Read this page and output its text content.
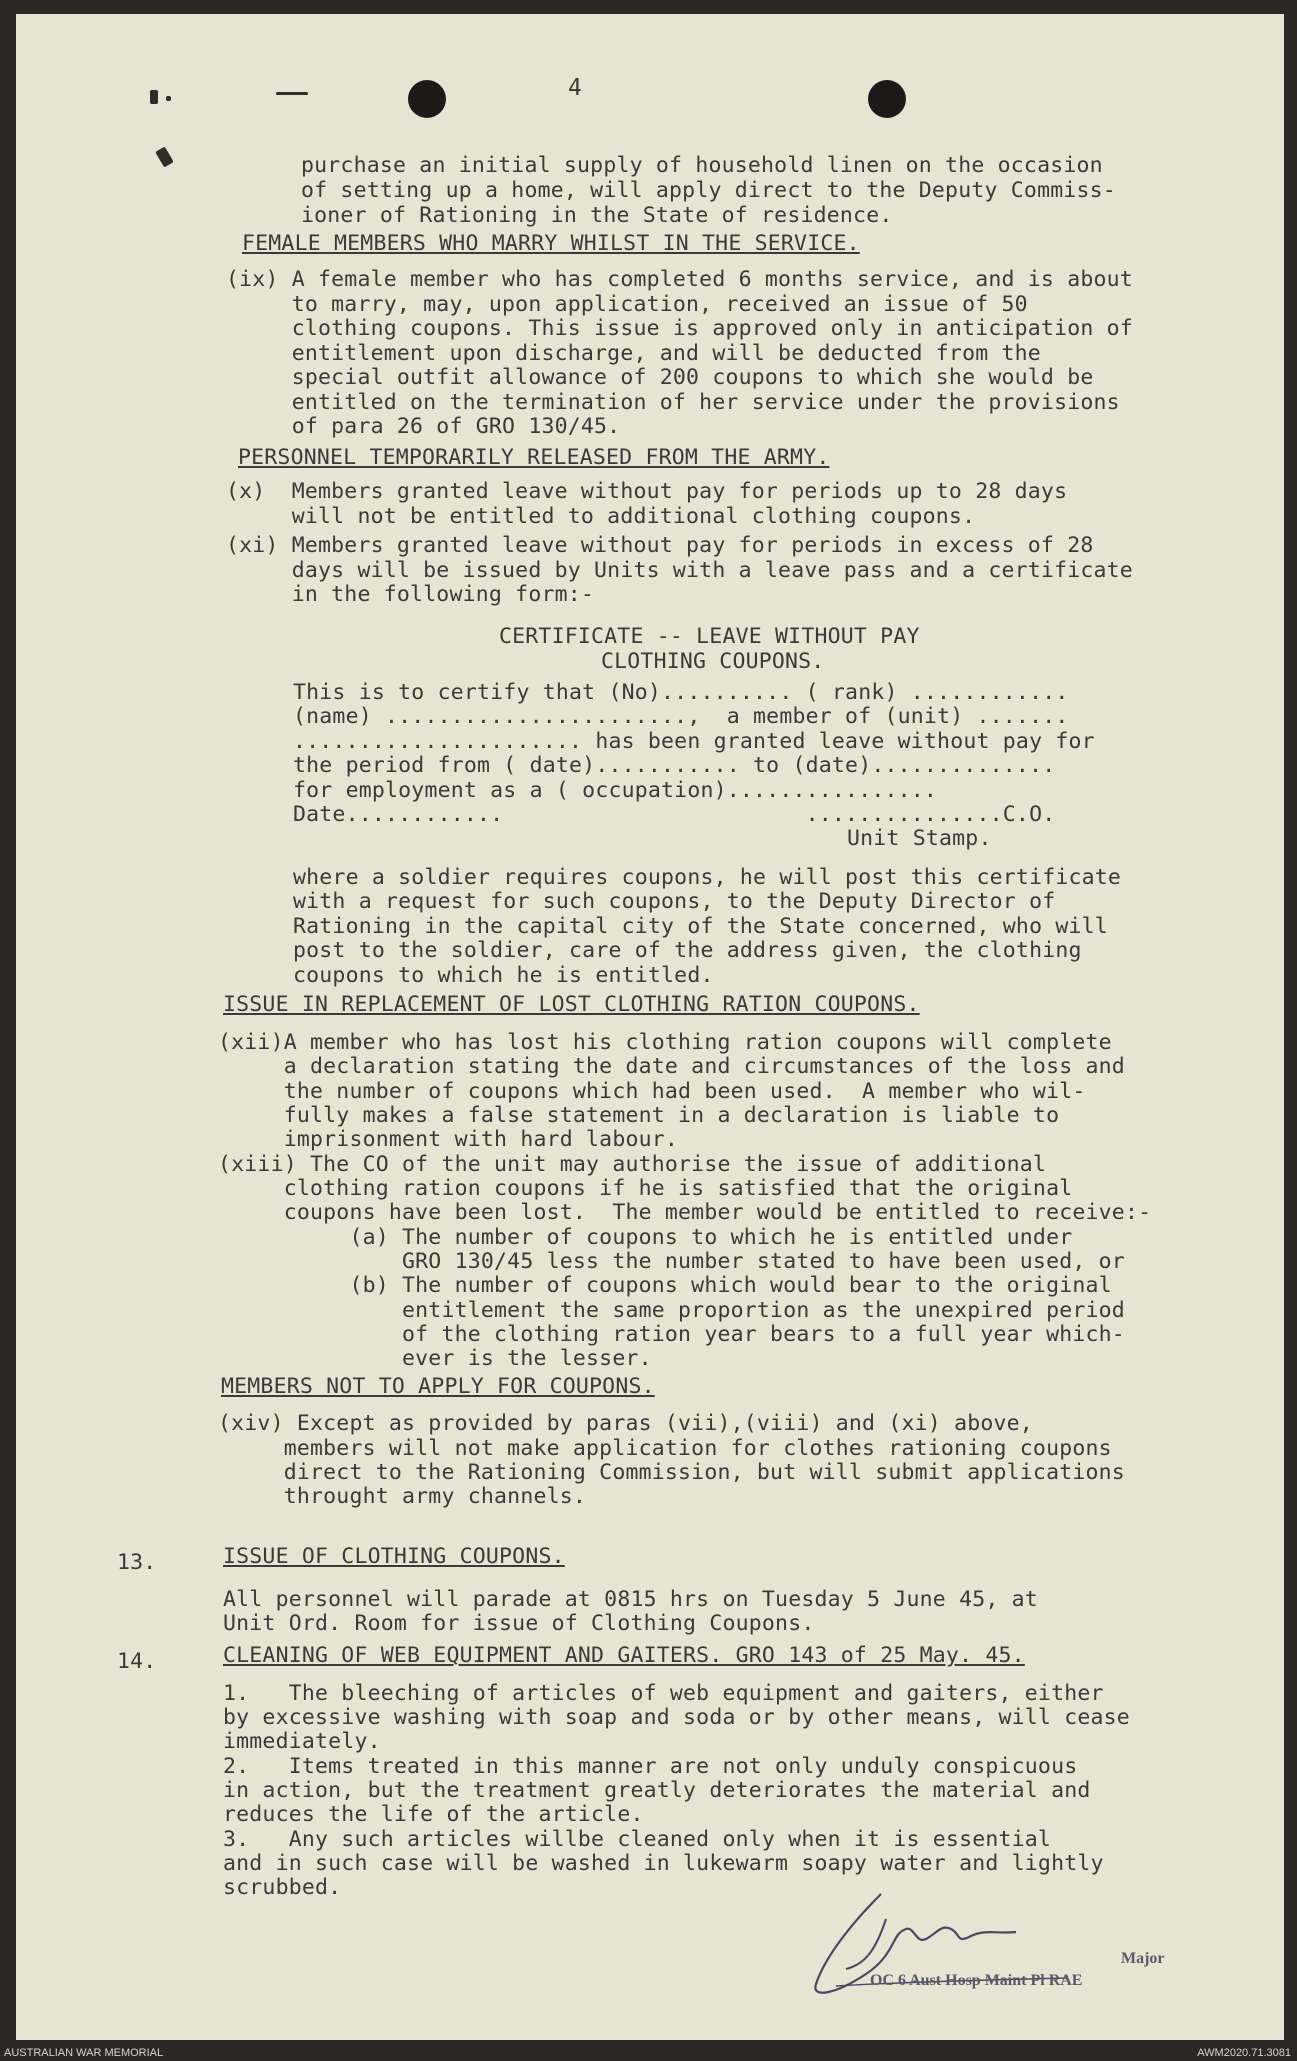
4
purchase an initial supply of household linen on the occasion
of setting up a home, will apply direct to the Deputy Commiss-
ioner of Rationing in the State of residence.
FEMALE MEMBERS WHO MARRY WHILST IN THE SERVICE.
(ix) A female member who has completed 6 months service, and is about
to marry, may, upon application, received an issue of 50
clothing coupons. This issue is approved only in anticipation of
entitlement upon discharge, and will be deducted from the
special outfit allowance of 200 coupons to which she would be
entitled on the termination of her service under the provisions
of para 26 of GRO 130/45.
PERSONNEL TEMPORARILY RELEASED FROM THE ARMY.
(x)  Members granted leave without pay for periods up to 28 days
will not be entitled to additional clothing coupons.
(xi) Members granted leave without pay for periods in excess of 28
days will be issued by Units with a leave pass and a certificate
in the following form:-
CERTIFICATE -- LEAVE WITHOUT PAY
CLOTHING COUPONS.
This is to certify that (No).......... ( rank) ............
(name) .......................,  a member of (unit) .......
...................... has been granted leave without pay for
the period from ( date)........... to (date)..............
for employment as a ( occupation)................
Date............                       ...............C.O.
Unit Stamp.
where a soldier requires coupons, he will post this certificate
with a request for such coupons, to the Deputy Director of
Rationing in the capital city of the State concerned, who will
post to the soldier, care of the address given, the clothing
coupons to which he is entitled.
ISSUE IN REPLACEMENT OF LOST CLOTHING RATION COUPONS.
(xii)A member who has lost his clothing ration coupons will complete
a declaration stating the date and circumstances of the loss and
the number of coupons which had been used.  A member who wil-
fully makes a false statement in a declaration is liable to
imprisonment with hard labour.
(xiii) The CO of the unit may authorise the issue of additional
clothing ration coupons if he is satisfied that the original
coupons have been lost.  The member would be entitled to receive:-
(a) The number of coupons to which he is entitled under
GRO 130/45 less the number stated to have been used, or
(b) The number of coupons which would bear to the original
entitlement the same proportion as the unexpired period
of the clothing ration year bears to a full year which-
ever is the lesser.
MEMBERS NOT TO APPLY FOR COUPONS.
(xiv) Except as provided by paras (vii),(viii) and (xi) above,
members will not make application for clothes rationing coupons
direct to the Rationing Commission, but will submit applications
throught army channels.
13.	ISSUE OF CLOTHING COUPONS.
All personnel will parade at 0815 hrs on Tuesday 5 June 45, at
Unit Ord. Room for issue of Clothing Coupons.
14.	CLEANING OF WEB EQUIPMENT AND GAITERS. GRO 143 of 25 May. 45.
1.   The bleeching of articles of web equipment and gaiters, either
by excessive washing with soap and soda or by other means, will cease
immediately.
2.   Items treated in this manner are not only unduly conspicuous
in action, but the treatment greatly deteriorates the material and
reduces the life of the article.
3.   Any such articles willbe cleaned only when it is essential
and in such case will be washed in lukewarm soapy water and lightly
scrubbed.
Major
OC 6 Aust Hosp Maint Pl RAE
AUSTRALIAN WAR MEMORIAL	AWM2020.71.3081
